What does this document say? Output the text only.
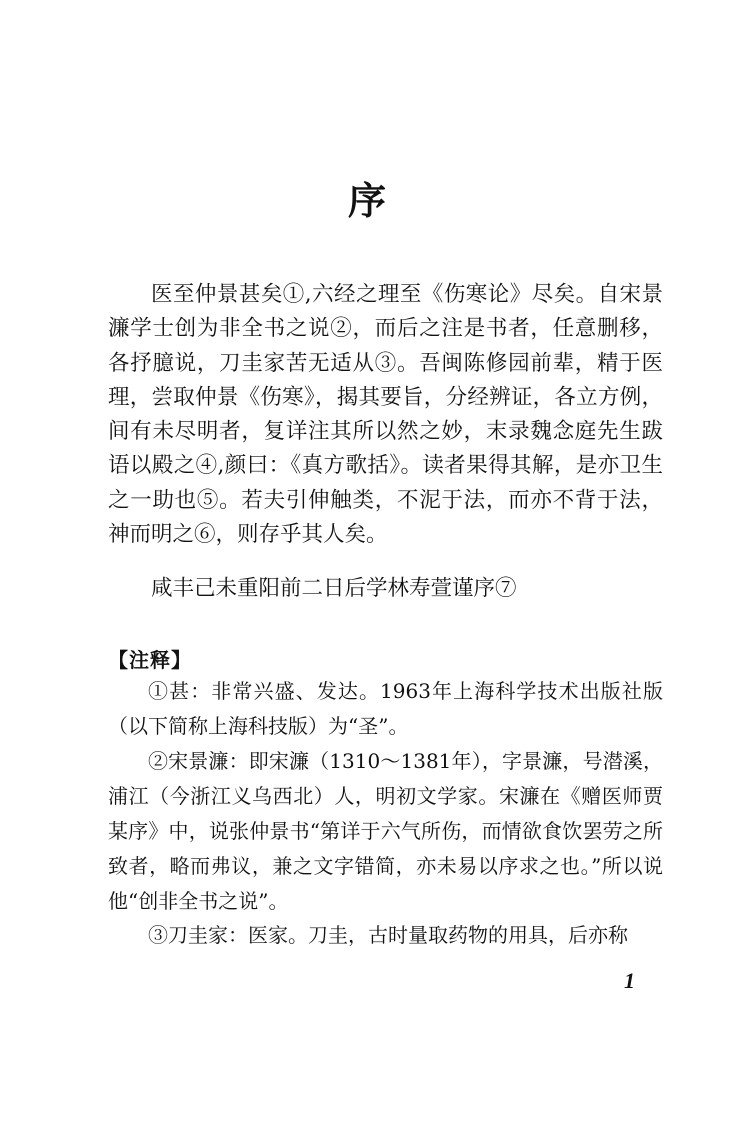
序

医至仲景甚矣①,六经之理至《伤寒论》尽矣。自宋景濂学士创为非全书之说②，而后之注是书者，任意删移，各抒臆说，刀圭家苦无适从③。吾闽陈修园前辈，精于医理，尝取仲景《伤寒》，揭其要旨，分经辨证，各立方例，间有未尽明者，复详注其所以然之妙，末录魏念庭先生跋语以殿之④,颜曰：《真方歌括》。读者果得其解，是亦卫生之一助也⑤。若夫引伸触类，不泥于法，而亦不背于法，神而明之⑥，则存乎其人矣。

咸丰己未重阳前二日后学林寿萱谨序⑦

【注释】

①甚：非常兴盛、发达。1963年上海科学技术出版社版（以下简称上海科技版）为“圣”。

②宋景濂：即宋濂（1310～1381年），字景濂，号潜溪，浦江（今浙江义乌西北）人，明初文学家。宋濂在《赠医师贾某序》中，说张仲景书“第详于六气所伤，而情欲食饮罢劳之所致者，略而弗议，兼之文字错简，亦未易以序求之也。”所以说他“创非全书之说”。

③刀圭家：医家。刀圭，古时量取药物的用具，后亦称

1
